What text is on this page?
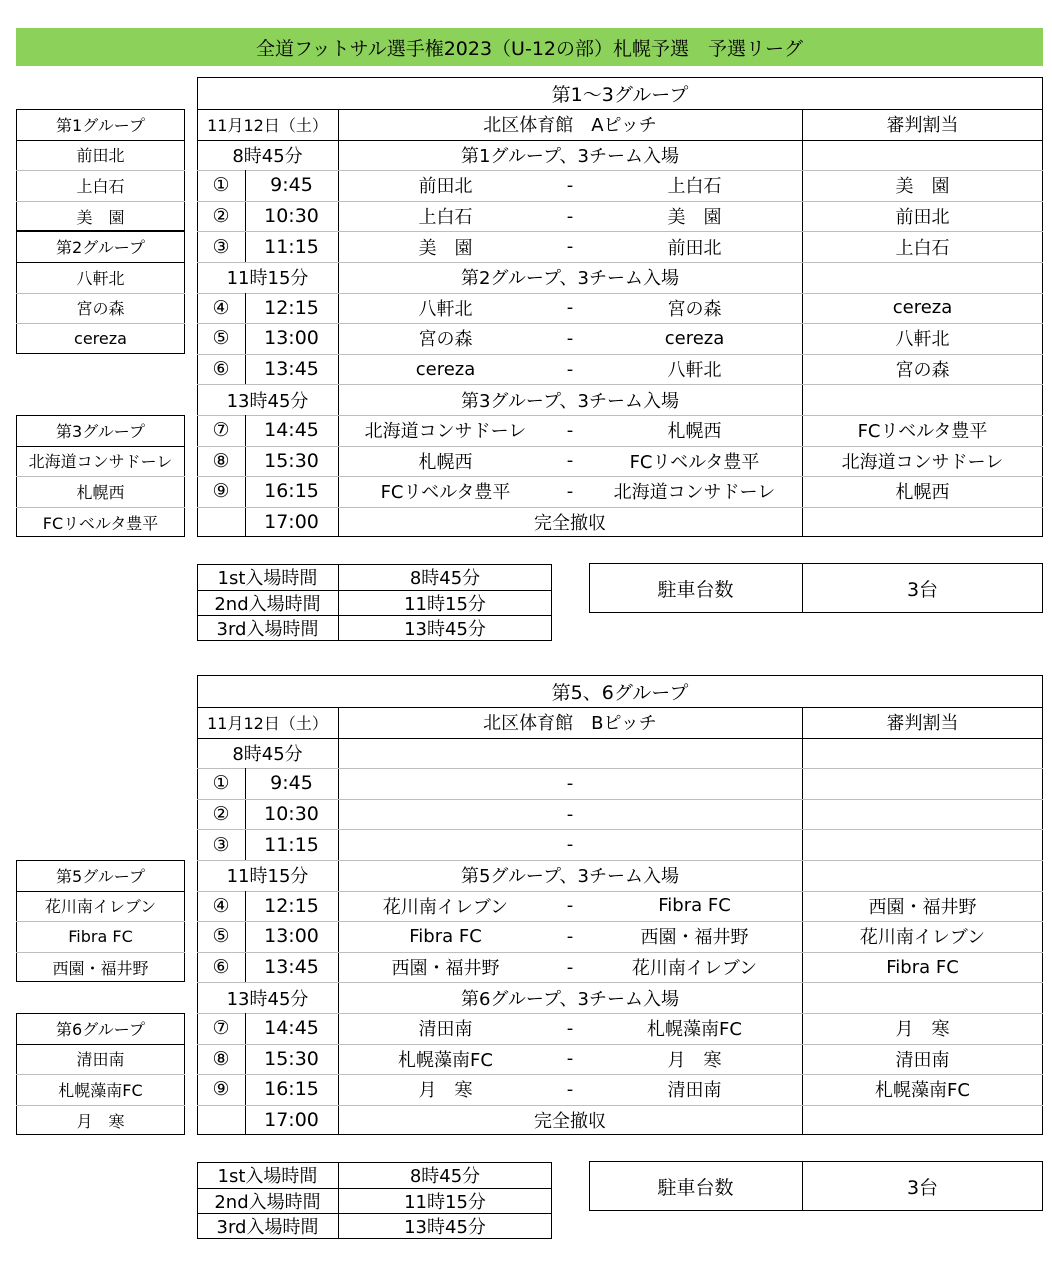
全道フットサル選手権2023（U-12の部）札幌予選　予選リーグ
第1～3グループ
11月12日（土）	北区体育館　Aピッチ	審判割当
8時45分	第1グループ、3チーム入場
①	9:45	前田北	-	上白石	美　園
②	10:30	上白石	-	美　園	前田北
③	11:15	美　園	-	前田北	上白石
11時15分	第2グループ、3チーム入場
④	12:15	八軒北	-	宮の森	cereza
⑤	13:00	宮の森	-	cereza	八軒北
⑥	13:45	cereza	-	八軒北	宮の森
13時45分	第3グループ、3チーム入場
⑦	14:45	北海道コンサドーレ	-	札幌西	FCリベルタ豊平
⑧	15:30	札幌西	-	FCリベルタ豊平	北海道コンサドーレ
⑨	16:15	FCリベルタ豊平	-	北海道コンサドーレ	札幌西
17:00	完全撤収
第1グループ
前田北
上白石
美　園
第2グループ
八軒北
宮の森
cereza
第3グループ
北海道コンサドーレ
札幌西
FCリベルタ豊平
1st入場時間	8時45分
2nd入場時間	11時15分
3rd入場時間	13時45分
駐車台数	3台
第5、6グループ
11月12日（土）	北区体育館　Bピッチ	審判割当
8時45分
①	9:45	-
②	10:30	-
③	11:15	-
11時15分	第5グループ、3チーム入場
④	12:15	花川南イレブン	-	Fibra FC	西園・福井野
⑤	13:00	Fibra FC	-	西園・福井野	花川南イレブン
⑥	13:45	西園・福井野	-	花川南イレブン	Fibra FC
13時45分	第6グループ、3チーム入場
⑦	14:45	清田南	-	札幌藻南FC	月　寒
⑧	15:30	札幌藻南FC	-	月　寒	清田南
⑨	16:15	月　寒	-	清田南	札幌藻南FC
17:00	完全撤収
第5グループ
花川南イレブン
Fibra FC
西園・福井野
第6グループ
清田南
札幌藻南FC
月　寒
1st入場時間	8時45分
2nd入場時間	11時15分
3rd入場時間	13時45分
駐車台数	3台
